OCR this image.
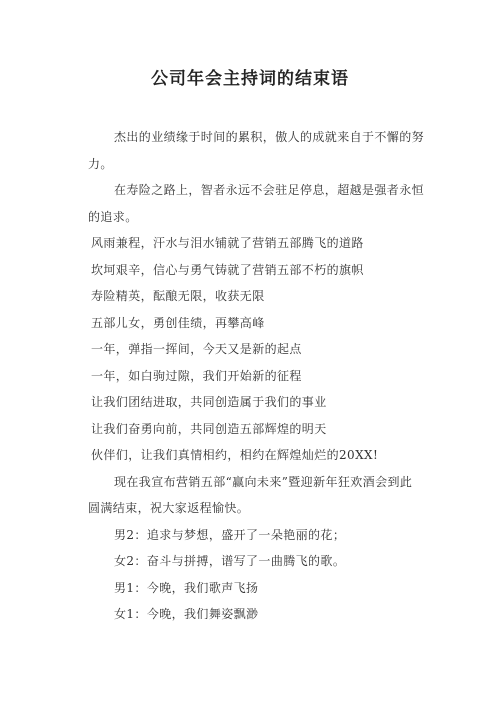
公司年会主持词的结束语

杰出的业绩缘于时间的累积，傲人的成就来自于不懈的努力。

在寿险之路上，智者永远不会驻足停息，超越是强者永恒的追求。

风雨兼程，汗水与泪水铺就了营销五部腾飞的道路

坎坷艰辛，信心与勇气铸就了营销五部不朽的旗帜

寿险精英，酝酿无限，收获无限

五部儿女，勇创佳绩，再攀高峰

一年，弹指一挥间，今天又是新的起点

一年，如白驹过隙，我们开始新的征程

让我们团结进取，共同创造属于我们的事业

让我们奋勇向前，共同创造五部辉煌的明天

伙伴们，让我们真情相约，相约在辉煌灿烂的20XX!

现在我宣布营销五部“赢向未来”暨迎新年狂欢酒会到此圆满结束，祝大家返程愉快。

男2：追求与梦想，盛开了一朵艳丽的花；

女2：奋斗与拼搏，谱写了一曲腾飞的歌。

男1：今晚，我们歌声飞扬

女1：今晚，我们舞姿飘渺
